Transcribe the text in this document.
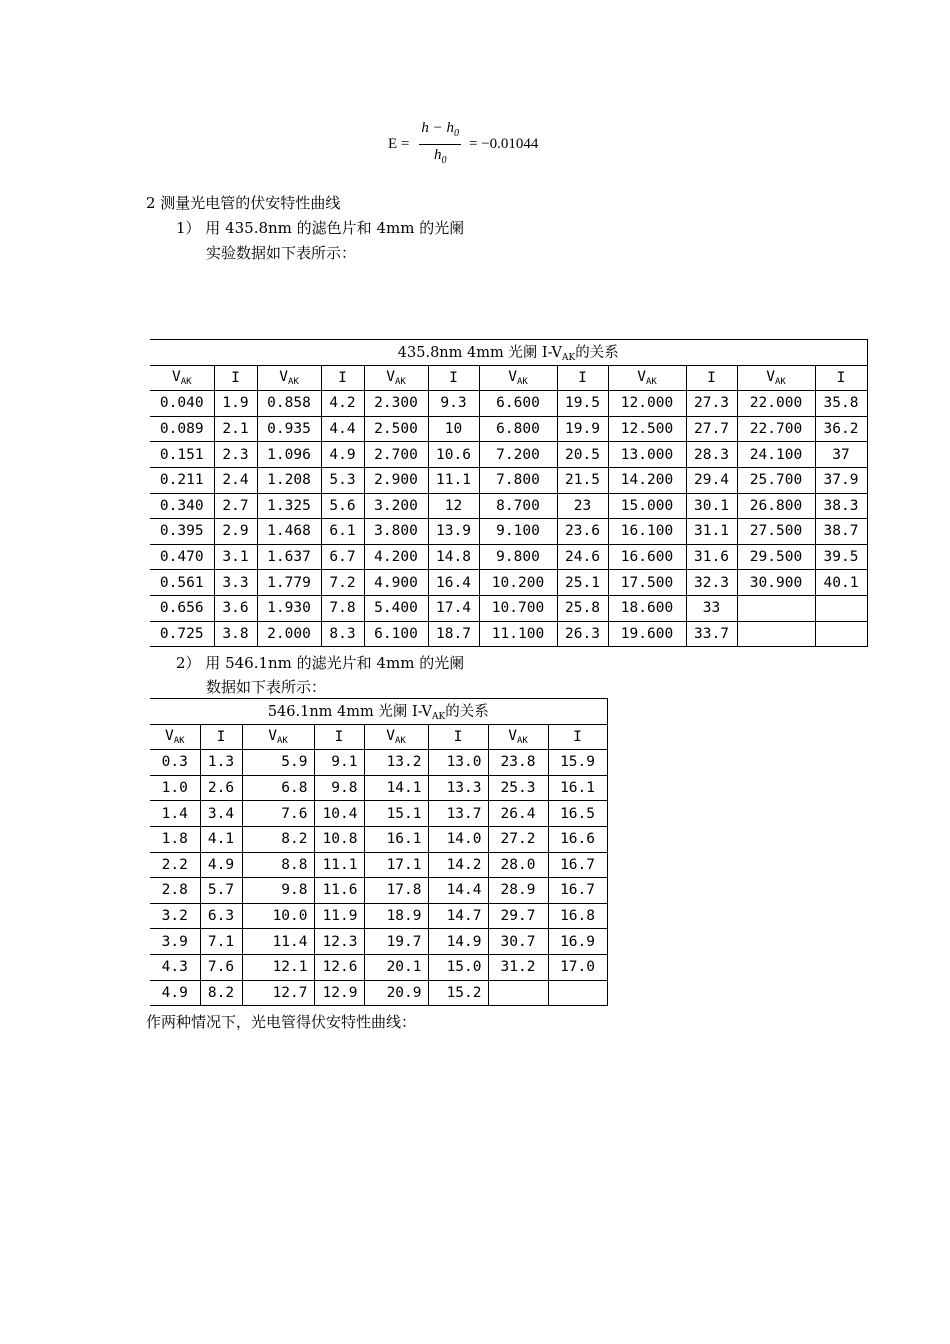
$E = \frac{h - h_0}{h_0} = -0.01044$
2 测量光电管的伏安特性曲线
1） 用 435.8nm 的滤色片和 4mm 的光阑
实验数据如下表所示：
435.8nm 4mm 光阑 $I-V_{AK}$的关系											
$V_{AK}$	I	$V_{AK}$	I	$V_{AK}$	I	$V_{AK}$	I	$V_{AK}$	I	$V_{AK}$	I
0.040	1.9	0.858	4.2	2.300	9.3	6.600	19.5	12.000	27.3	22.000	35.8
0.089	2.1	0.935	4.4	2.500	10	6.800	19.9	12.500	27.7	22.700	36.2
0.151	2.3	1.096	4.9	2.700	10.6	7.200	20.5	13.000	28.3	24.100	37
0.211	2.4	1.208	5.3	2.900	11.1	7.800	21.5	14.200	29.4	25.700	37.9
0.340	2.7	1.325	5.6	3.200	12	8.700	23	15.000	30.1	26.800	38.3
0.395	2.9	1.468	6.1	3.800	13.9	9.100	23.6	16.100	31.1	27.500	38.7
0.470	3.1	1.637	6.7	4.200	14.8	9.800	24.6	16.600	31.6	29.500	39.5
0.561	3.3	1.779	7.2	4.900	16.4	10.200	25.1	17.500	32.3	30.900	40.1
0.656	3.6	1.930	7.8	5.400	17.4	10.700	25.8	18.600	33		
0.725	3.8	2.000	8.3	6.100	18.7	11.100	26.3	19.600	33.7		
2） 用 546.1nm 的滤光片和 4mm 的光阑
数据如下表所示：
546.1nm 4mm 光阑 $I-V_{AK}$的关系							
$V_{AK}$	I	$V_{AK}$	I	$V_{AK}$	I	$V_{AK}$	I
0.3	1.3	5.9	9.1	13.2	13.0	23.8	15.9
1.0	2.6	6.8	9.8	14.1	13.3	25.3	16.1
1.4	3.4	7.6	10.4	15.1	13.7	26.4	16.5
1.8	4.1	8.2	10.8	16.1	14.0	27.2	16.6
2.2	4.9	8.8	11.1	17.1	14.2	28.0	16.7
2.8	5.7	9.8	11.6	17.8	14.4	28.9	16.7
3.2	6.3	10.0	11.9	18.9	14.7	29.7	16.8
3.9	7.1	11.4	12.3	19.7	14.9	30.7	16.9
4.3	7.6	12.1	12.6	20.1	15.0	31.2	17.0
4.9	8.2	12.7	12.9	20.9	15.2		
作两种情况下，光电管得伏安特性曲线：
